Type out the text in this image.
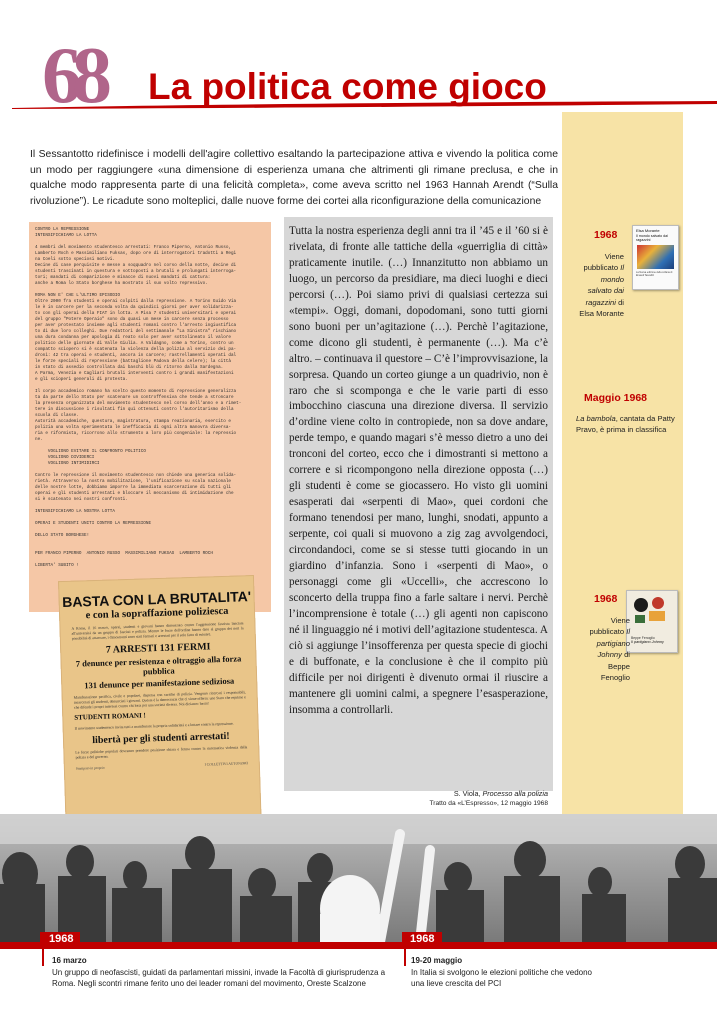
68 La politica come gioco
Il Sessantotto ridefinisce i modelli dell'agire collettivo esaltando la partecipazione attiva e vivendo la politica come un modo per raggiungere «una dimensione di esperienza umana che altrimenti gli rimane preclusa, e che in qualche modo rappresenta parte di una felicità completa», come aveva scritto nel 1963 Hannah Arendt (“Sulla rivoluzione”). Le ricadute sono molteplici, dalle nuove forme dei cortei alla riconfigurazione della comunicazione
CONTRO LA REPRESSIONE
INTENSIFICHIAMO LA LOTTA

4 membri del movimento studentesco arrestati: Franco Piperno, Antonio Russo,
Lamberto Roch e Massimiliano Fuksas, dopo ore di interrogatori tradotti a Regi
na Coeli sotto speciosi motivi.
Decine di case perquisite e messe a soqquadro nel corso della notte, decine di
studenti trascinati in questura e sottoposti a brutali e prolungati interroga-
tori; mandati di comparizione e minacce di nuovi mandati di cattura:
anche a Roma lo Stato borghese ha mostrato il suo volto repressivo.

ROMA NON E' CHE L'ULTIMO EPISODIO
Oltre 2000 fra studenti e operai colpiti dalla repressione. A Torino Guido Via
le è in carcere per la seconda volta da quindici giorni per aver solidarizza-
to con gli operai della FIAT in lotta. A Pisa 7 studenti universitari e operai
del gruppo "Potere Operaio" sono da quasi un mese in carcere senza processo
per aver protestato insieme agli studenti romani contro l'arresto ingiustifica
to di due loro colleghi. Due redattori del settimanale "La Sinistra" rischiano
una dura condanna per apologia di reato solo per aver sottolineato il valore
politico delle giornate di Valle Giulia. A Valdagno, come a Torino, contro un
compatto sciopero si è scatenata la violenza della polizia al servizio dei pa-
droni: 42 tra operai e studenti, ancora in carcere; rastrellamenti operati dal
le forze speciali di repressione (battaglione Padova della celere); la città
in stato di assedio controllata dai baschi blù di ritorno dalla Sardegna.
A Parma, Venezia e Cagliari brutali interventi contro i grandi manifestazioni
e gli scioperi generali di protesta.

Il corpo accademico romano ha scelto questo momento di repressione generalizza
ta da parte dello Stato per scatenare un controffensiva che tende a stroncare
la presenza organizzata del movimento studentesco nel corso dell'anno e a rimet-
tere in discussione i risultati fin quì ottenuti contro l'autoritarismo della
scuola di classe.
Autorità accademiche, questura, magistratura, stampa reazionaria, esercito e
polizia una volta sperimentata le inefficacia di ogni altra manovra diversa-
ria e riformista, ricorrono allo strumento a loro più congeniale: la repressio
ne.

VOGLIONO EVITARE IL CONFRONTO POLITICO
VOGLIONO DIVIDERCI
VOGLIONO INTIMIDIRCI

Contro le repressione il movimento studentesco non chiede una generica solida-
rietà. Attraverso la nostra mobilitazione, l'unificazione su scala nazionale
delle nostre lotte, dobbiamo imporre la immediata scarcerazione di tutti gli
operai e gli studenti arrestati e bloccare il meccanismo di intimidazione che
si è scatenato nei nostri confronti.

INTENSIFICHIAMO LA NOSTRA LOTTA

OPERAI E STUDENTI UNITI CONTRO LA REPRESSIONE

DELLO STATO BORGHESE!

PER FRANCO PIPERNO  ANTONIO RUSSO  MASSIMILIANO FUKSAS  LAMBERTO ROCH

LIBERTA' SUBITO !
BASTA CON LA BRUTALITA'
e con la sopraffazione poliziesca
A Roma, il 16 marzo, operai, studenti e giovani hanno dimostrato contro l'aggressione fascista lanciata all'università da un gruppo di fascisti e polizia. Mentre le forze dell'ordine hanno dato al gruppo dei neri la possibilità di attaccare, i dimostranti sono stati fermati e arrestati per il solo fatto di esistere.
7 ARRESTI 131 FERMI
7 denunce per resistenza e oltraggio alla forza pubblica
131 denunce per manifestazione sediziosa
Manifestazione pacifica, civile e popolare, dispersa con cariche di polizia. Vengono ricercati i responsabili, incarcerati gli studenti, denunciati i giovani. Questa è la democrazia che ci viene offerta: uno Stato che reprime e che difende i propri interessi contro chi lotta per una società diversa. Noi diciamo: basta!
STUDENTI ROMANI !
Il movimento studentesco invita tutti a manifestare la propria solidarietà e a lottare contro la repressione.
libertà per gli studenti arrestati!
Le forze politiche popolari dovranno prendere posizione chiara e ferma contro la sistematica violenza della polizia e del governo.
Stampato in proprio
I COLLETTIVI AUTONOMI
Tutta la nostra esperienza degli anni tra il ’45 e il ’60 si è rivelata, di fronte alle tattiche della «guerriglia di città» praticamente inutile. (…) Innanzitutto non abbiamo un luogo, un percorso da presidiare, ma dieci luoghi e dieci percorsi (…). Poi siamo privi di qualsiasi certezza sui «tempi». Oggi, domani, dopodomani, sono tutti giorni sono buoni per un’agitazione (…). Perchè l’agitazione, come dicono gli studenti, è permanente (…). Ma c’è altro. – continuava il questore – C’è l’improvvisazione, la sorpresa. Quando un corteo giunge a un quadrivio, non è raro che si scomponga e che le varie parti di esso imbocchino ciascuna una direzione diversa. Il servizio d’ordine viene colto in contropiede, non sa dove andare, perde tempo, e quando magari s’è messo dietro a uno dei tronconi del corteo, ecco che i dimostranti si mettono a correre e si ricompongono nella direzione opposta (…) gli studenti è come se giocassero. Ho visto gli uomini esasperati dai «serpenti di Mao», quei cordoni che formano tenendosi per mano, lunghi, snodati, appunto a serpente, coi quali si muovono a zig zag avvolgendoci, circondandoci, come se si stesse tutti giocando in un giardino d’infanzia. Sono i «serpenti di Mao», o personaggi come gli «Uccelli», che accrescono lo sconcerto della truppa fino a farle saltare i nervi. Perchè l’incomprensione è totale (…) gli agenti non capiscono né il linguaggio né i motivi dell’agitazione studentesca. A ciò si aggiunge l’insofferenza per questa specie di giochi e di buffonate, e la conclusione è che il compito più difficile per noi dirigenti è divenuto ormai il riuscire a mantenere gli uomini calmi, a spegnere l’esasperazione, insomma a controllarli.
S. Viola, Processo alla polizia
Tratto da «L’Espresso», 12 maggio 1968
1968
Viene pubblicato Il mondo salvato dai ragazzini di Elsa Morante
Elsa Morante
Il mondo salvato dai ragazzini
La Nuova edizione della collana di Einaudi Tascabili
Maggio 1968
La bambola, cantata da Patty Pravo, è prima in classifica
1968
Beppe Fenoglio
Il partigiano Johnny
Viene pubblicato Il partigiano Johnny di Beppe Fenoglio
1968
16 marzo
Un gruppo di neofascisti, guidati da parlamentari missini, invade la Facoltà di giurisprudenza a Roma. Negli scontri rimane ferito uno dei leader romani del movimento, Oreste Scalzone
1968
19-20 maggio
In Italia si svolgono le elezioni politiche che vedono una lieve crescita del PCI
